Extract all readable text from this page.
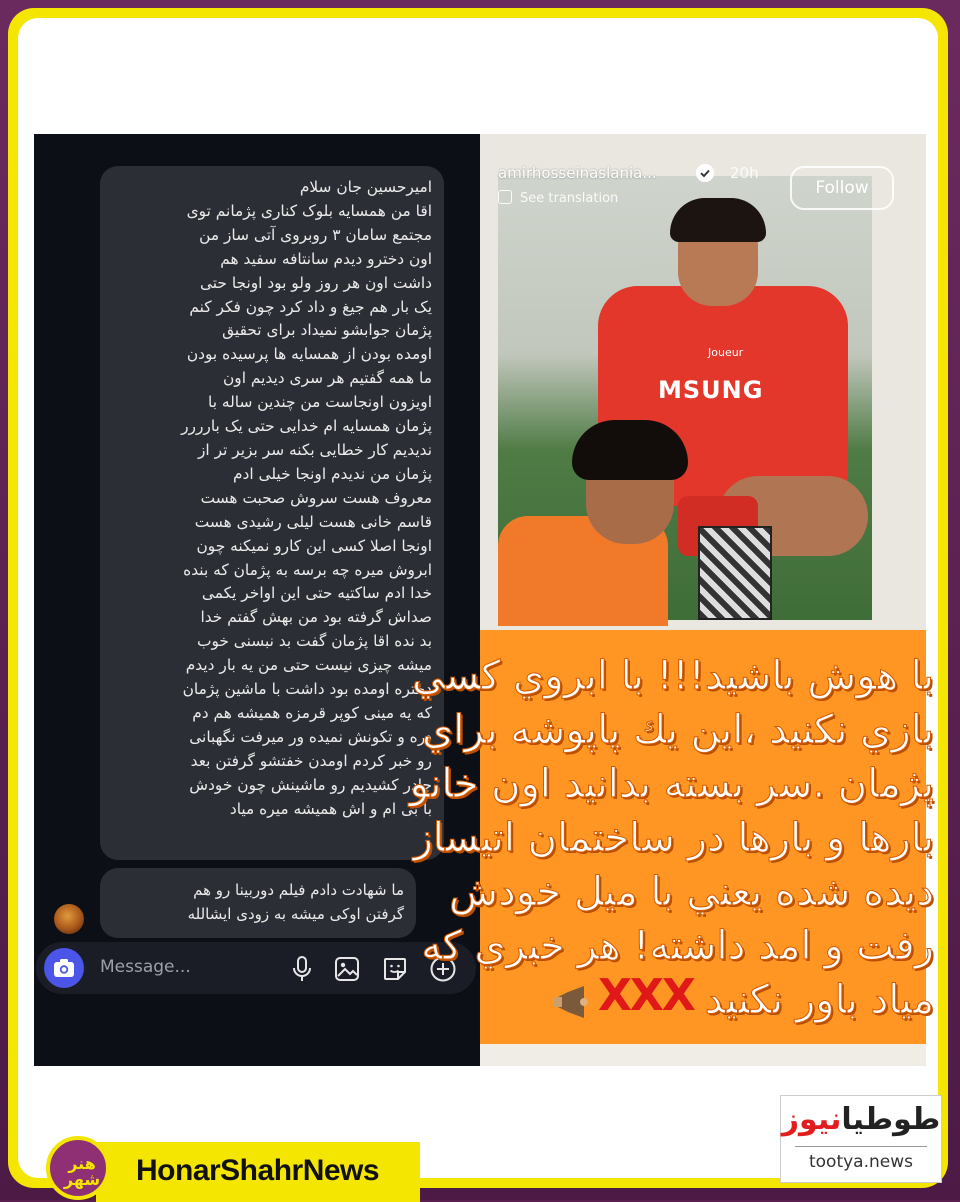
امیرحسین جان سلام
اقا من همسایه بلوک کناری پژمانم توی
مجتمع سامان ۳ روبروی آتی ساز من
اون دخترو دیدم سانتافه سفید هم
داشت اون هر روز ولو بود اونجا حتی
یک بار هم جیغ و داد کرد چون فکر کنم
پژمان جوابشو نمیداد برای تحقیق
اومده بودن از همسایه ها پرسیده بودن
ما همه گفتیم هر سری دیدیم اون
اویزون اونجاست من چندین ساله با
پژمان همسایه ام خدایی حتی یک بارررر
ندیدیم کار خطایی بکنه سر بزیر تر از
پژمان من ندیدم اونجا خیلی ادم
معروف هست سروش صحبت هست
قاسم خانی هست لیلی رشیدی هست
اونجا اصلا کسی این کارو نمیکنه چون
ابروش میره چه برسه به پژمان که بنده
خدا ادم ساکتیه حتی این اواخر یکمی
صداش گرفته بود من بهش گفتم خدا
بد نده اقا پژمان گفت بد نبسنی خوب
میشه چیزی نیست حتی من یه بار دیدم
دختره اومده بود داشت با ماشین پژمان
که یه مینی کوپر قرمزه همیشه هم دم
دره و تکونش نمیده ور میرفت نگهبانی
رو خبر کردم اومدن خفتشو گرفتن بعد
چادر کشیدیم رو ماشینش چون خودش
با بی ام و اش همیشه میره میاد
ما شهادت دادم فیلم دوربینا رو هم
گرفتن اوکی میشه به زودی ایشالله
Message...
Joueur
MSUNG
amirhosseinaslania...	20h
See translation
Follow
XXX
با هوش باشید!!! با ابروي كسي
بازي نكنيد ،اين يك پاپوشه براي
پژمان .سر بسته بدانيد اون خانو
بارها و بارها در ساختمان اتيساز
ديده شده يعني با ميل خودش
رفت و امد داشته! هر خبري كه
مياد باور نكنيد
HonarShahrNews
هنر شهر
طوطیانیوز
tootya.news
